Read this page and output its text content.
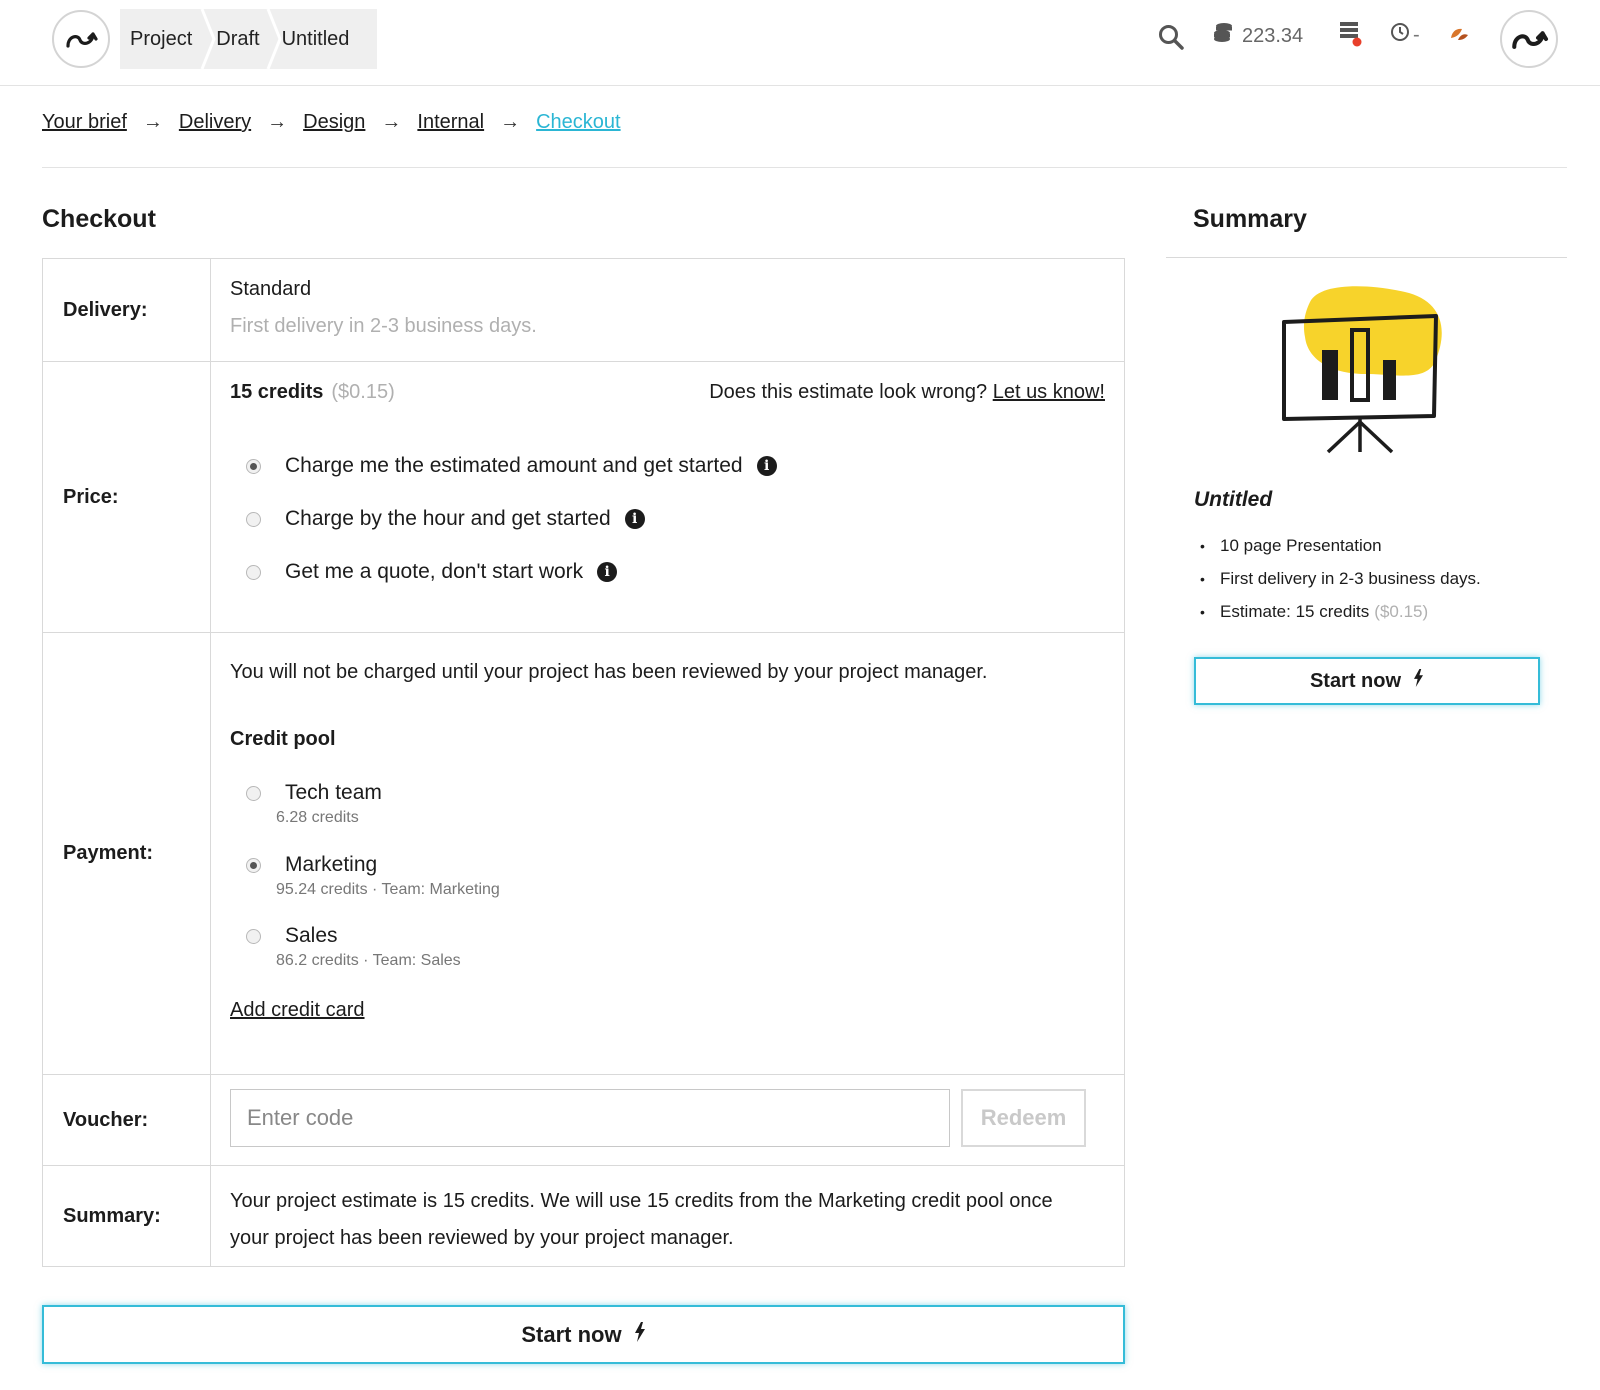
Project Draft Untitled	223.34	-
Your brief → Delivery → Design → Internal → Checkout
Checkout	Summary
Delivery:
Standard
First delivery in 2-3 business days.
Price:
15 credits ($0.15)	Does this estimate look wrong? Let us know!
Charge me the estimated amount and get started	i
Charge by the hour and get started	i
Get me a quote, don't start work	i
Payment:
You will not be charged until your project has been reviewed by your project manager.
Credit pool
Tech team
6.28 credits
Marketing
95.24 credits · Team: Marketing
Sales
86.2 credits · Team: Sales
Add credit card
Voucher:
Enter code	Redeem
Summary:
Your project estimate is 15 credits. We will use 15 credits from the Marketing credit pool once your project has been reviewed by your project manager.
Start now
Untitled
• 10 page Presentation
• First delivery in 2-3 business days.
• Estimate: 15 credits ($0.15)
Start now
